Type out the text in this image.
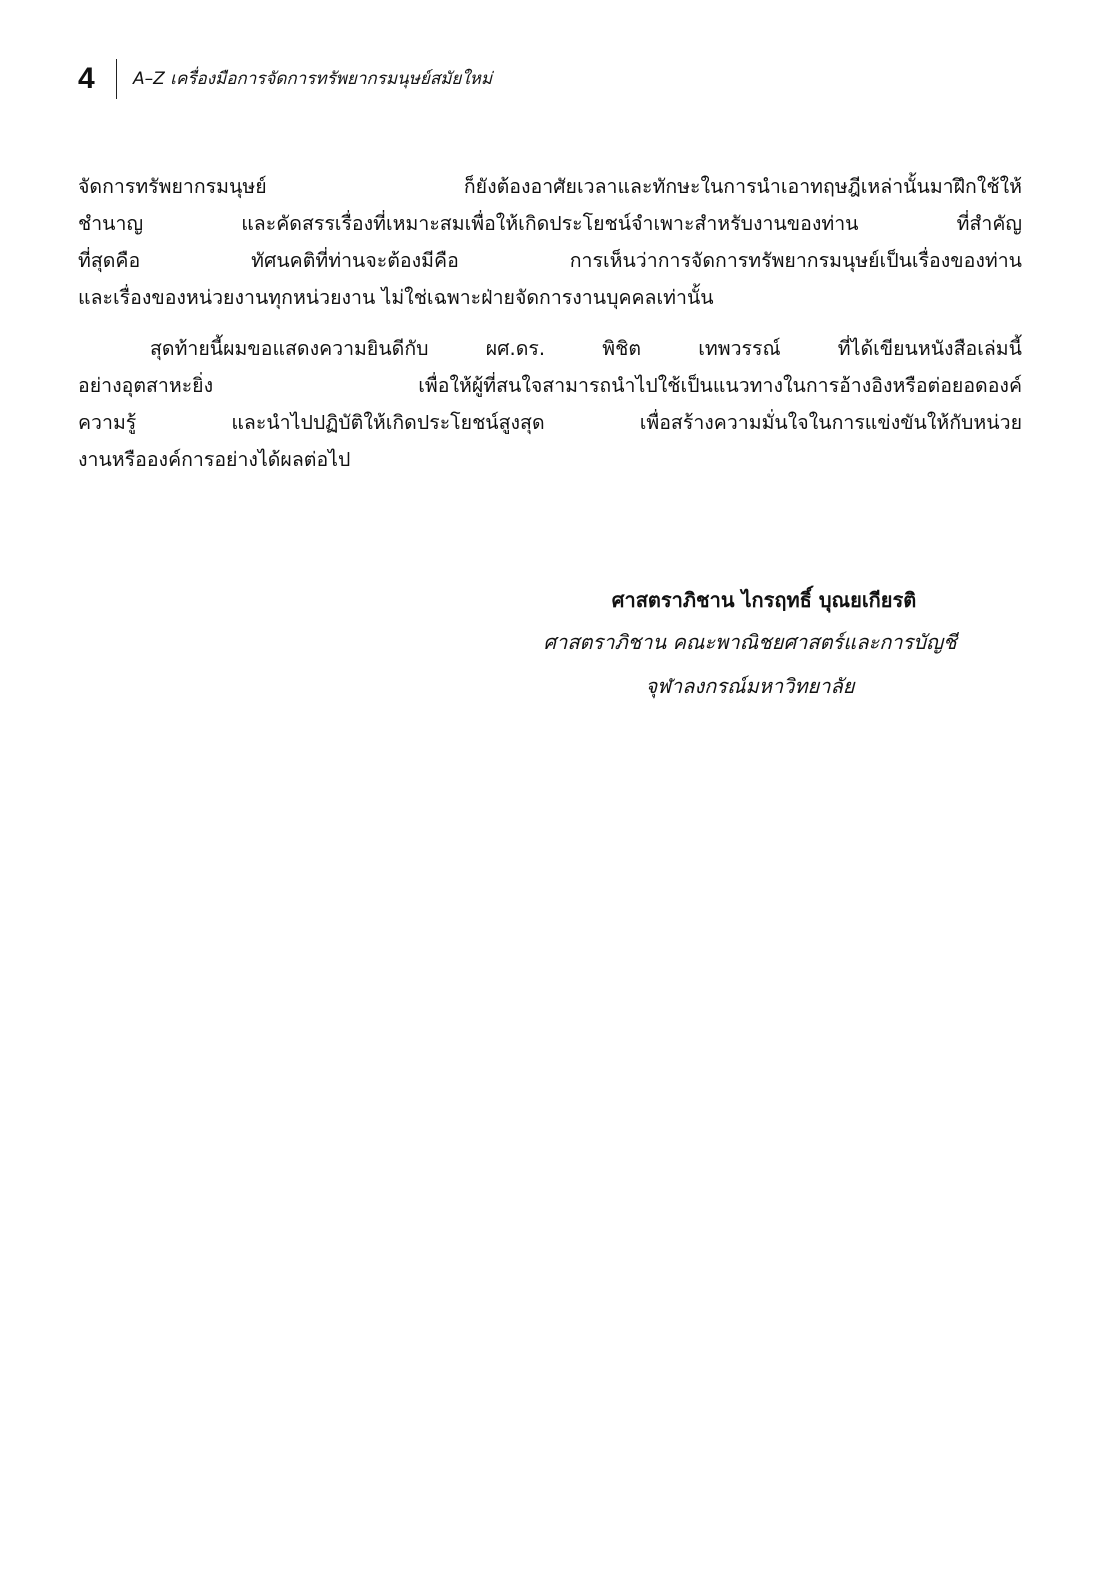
4	A–Z เครื่องมือการจัดการทรัพยากรมนุษย์สมัยใหม่
จัดการทรัพยากรมนุษย์ ก็ยังต้องอาศัยเวลาและทักษะในการนำเอาทฤษฎีเหล่านั้นมาฝึกใช้ให้
ชำนาญ และคัดสรรเรื่องที่เหมาะสมเพื่อให้เกิดประโยชน์จำเพาะสำหรับงานของท่าน ที่สำคัญ
ที่สุดคือ ทัศนคติที่ท่านจะต้องมีคือ การเห็นว่าการจัดการทรัพยากรมนุษย์เป็นเรื่องของท่าน
และเรื่องของหน่วยงานทุกหน่วยงาน ไม่ใช่เฉพาะฝ่ายจัดการงานบุคคลเท่านั้น
สุดท้ายนี้ผมขอแสดงความยินดีกับ ผศ.ดร. พิชิต เทพวรรณ์ ที่ได้เขียนหนังสือเล่มนี้
อย่างอุตสาหะยิ่ง เพื่อให้ผู้ที่สนใจสามารถนำไปใช้เป็นแนวทางในการอ้างอิงหรือต่อยอดองค์
ความรู้ และนำไปปฏิบัติให้เกิดประโยชน์สูงสุด เพื่อสร้างความมั่นใจในการแข่งขันให้กับหน่วย
งานหรือองค์การอย่างได้ผลต่อไป
ศาสตราภิชาน ไกรฤทธิ์ บุณยเกียรติ
ศาสตราภิชาน คณะพาณิชยศาสตร์และการบัญชี
จุฬาลงกรณ์มหาวิทยาลัย
